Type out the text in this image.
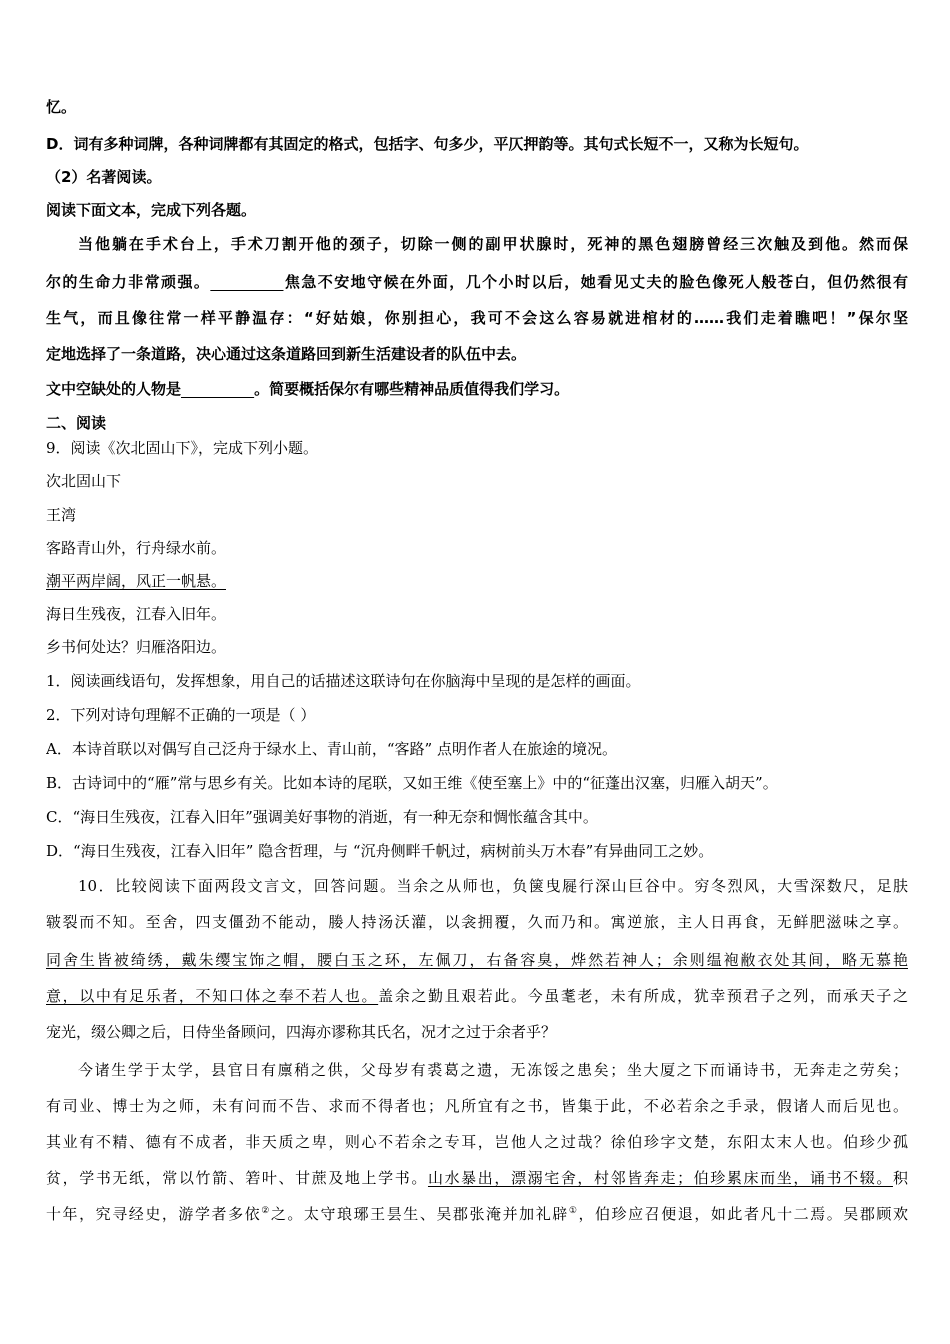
忆。

D．词有多种词牌，各种词牌都有其固定的格式，包括字、句多少，平仄押韵等。其句式长短不一，又称为长短句。

（2）名著阅读。

阅读下面文本，完成下列各题。

当他躺在手术台上，手术刀割开他的颈子，切除一侧的副甲状腺时，死神的黑色翅膀曾经三次触及到他。然而保

尔的生命力非常顽强。	焦急不安地守候在外面，几个小时以后，她看见丈夫的脸色像死人般苍白，但仍然很有

生气，而且像往常一样平静温存：“好姑娘，你别担心，我可不会这么容易就进棺材的……我们走着瞧吧！”保尔坚

定地选择了一条道路，决心通过这条道路回到新生活建设者的队伍中去。

文中空缺处的人物是	。简要概括保尔有哪些精神品质值得我们学习。

二、阅读

9．阅读《次北固山下》，完成下列小题。

次北固山下

王湾

客路青山外，行舟绿水前。

潮平两岸阔，风正一帆悬。

海日生残夜，江春入旧年。

乡书何处达？归雁洛阳边。

1．阅读画线语句，发挥想象，用自己的话描述这联诗句在你脑海中呈现的是怎样的画面。

2．下列对诗句理解不正确的一项是（ ）

A．本诗首联以对偶写自己泛舟于绿水上、青山前，“客路” 点明作者人在旅途的境况。

B．古诗词中的“雁”常与思乡有关。比如本诗的尾联，又如王维《使至塞上》中的“征蓬出汉塞，归雁入胡天”。

C．“海日生残夜，江春入旧年”强调美好事物的消逝，有一种无奈和惆怅蕴含其中。

D．“海日生残夜，江春入旧年” 隐含哲理，与 “沉舟侧畔千帆过，病树前头万木春”有异曲同工之妙。

10．比较阅读下面两段文言文，回答问题。当余之从师也，负箧曳屣行深山巨谷中。穷冬烈风，大雪深数尺，足肤

皲裂而不知。至舍，四支僵劲不能动，媵人持汤沃灌，以衾拥覆，久而乃和。寓逆旅，主人日再食，无鲜肥滋味之享。

同舍生皆被绮绣，戴朱缨宝饰之帽，腰白玉之环，左佩刀，右备容臭，烨然若神人；余则缊袍敝衣处其间，略无慕艳

意，以中有足乐者，不知口体之奉不若人也。盖余之勤且艰若此。今虽耄老，未有所成，犹幸预君子之列，而承天子之

宠光，缀公卿之后，日侍坐备顾问，四海亦谬称其氏名，况才之过于余者乎？

今诸生学于太学，县官日有廪稍之供，父母岁有裘葛之遗，无冻馁之患矣；坐大厦之下而诵诗书，无奔走之劳矣；

有司业、博士为之师，未有问而不告、求而不得者也；凡所宜有之书，皆集于此，不必若余之手录，假诸人而后见也。

其业有不精、德有不成者，非天质之卑，则心不若余之专耳，岂他人之过哉？徐伯珍字文楚，东阳太末人也。伯珍少孤

贫，学书无纸，常以竹箭、箬叶、甘蔗及地上学书。山水暴出，漂溺宅舍，村邻皆奔走；伯珍累床而坐，诵书不辍。积

十年，究寻经史，游学者多依②之。太守琅琊王昙生、吴郡张淹并加礼辟①，伯珍应召便退，如此者凡十二焉。吴郡顾欢
